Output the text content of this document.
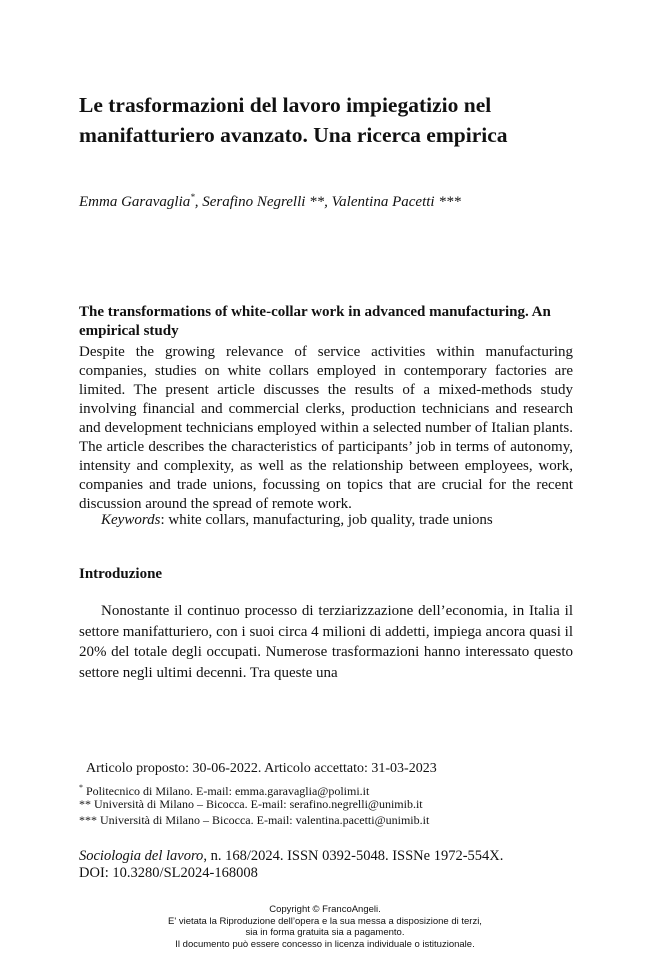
Le trasformazioni del lavoro impiegatizio nel
manifatturiero avanzato. Una ricerca empirica

Emma Garavaglia*, Serafino Negrelli **, Valentina Pacetti ***

The transformations of white-collar work in advanced manufacturing. An empirical study

Despite the growing relevance of service activities within manufacturing companies, studies on white collars employed in contemporary factories are limited. The present article discusses the results of a mixed-methods study involving financial and commercial clerks, production technicians and research and development technicians employed within a selected number of Italian plants. The article describes the characteristics of participants’ job in terms of autonomy, intensity and complexity, as well as the relationship between employees, work, companies and trade unions, focussing on topics that are crucial for the recent discussion around the spread of remote work.

Keywords: white collars, manufacturing, job quality, trade unions

Introduzione

Nonostante il continuo processo di terziarizzazione dell’economia, in Italia il settore manifatturiero, con i suoi circa 4 milioni di addetti, impiega ancora quasi il 20% del totale degli occupati. Numerose trasformazioni hanno interessato questo settore negli ultimi decenni. Tra queste una

Articolo proposto: 30-06-2022. Articolo accettato: 31-03-2023

* Politecnico di Milano. E-mail: emma.garavaglia@polimi.it

** Università di Milano – Bicocca. E-mail: serafino.negrelli@unimib.it

*** Università di Milano – Bicocca. E-mail: valentina.pacetti@unimib.it

Sociologia del lavoro, n. 168/2024. ISSN 0392-5048. ISSNe 1972-554X.
DOI: 10.3280/SL2024-168008

Copyright © FrancoAngeli.
E' vietata la Riproduzione dell’opera e la sua messa a disposizione di terzi,
sia in forma gratuita sia a pagamento.
Il documento può essere concesso in licenza individuale o istituzionale.
